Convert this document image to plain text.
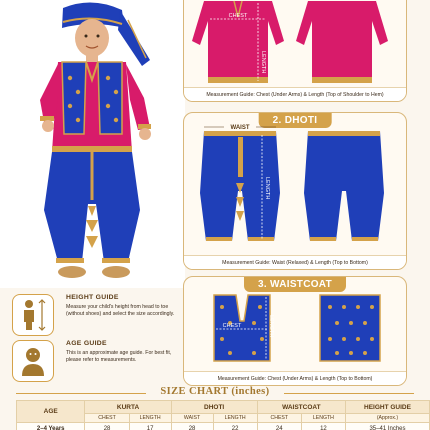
CHEST
LENGTH
Measurement Guide: Chest (Under Arms) & Length (Top of Shoulder to Hem)
2. DHOTI
WAIST
LENGTH
Measurement Guide: Waist (Relaxed) & Length (Top to Bottom)
3. WAISTCOAT
CHEST	LENGTH
Measurement Guide: Chest (Under Arms) & Length (Top to Bottom)
HEIGHT GUIDE
Measure your child's height from head to toe (without shoes) and select the size accordingly.
AGE GUIDE
This is an approximate age guide. For best fit, please refer to measurements.
SIZE CHART (inches)
AGE	KURTA		DHOTI		WAISTCOAT		HEIGHT GUIDE
	CHEST	LENGTH	WAIST	LENGTH	CHEST	LENGTH	(Approx.)
2–4 Years	28	17	28	22	24	12	35–41 Inches
